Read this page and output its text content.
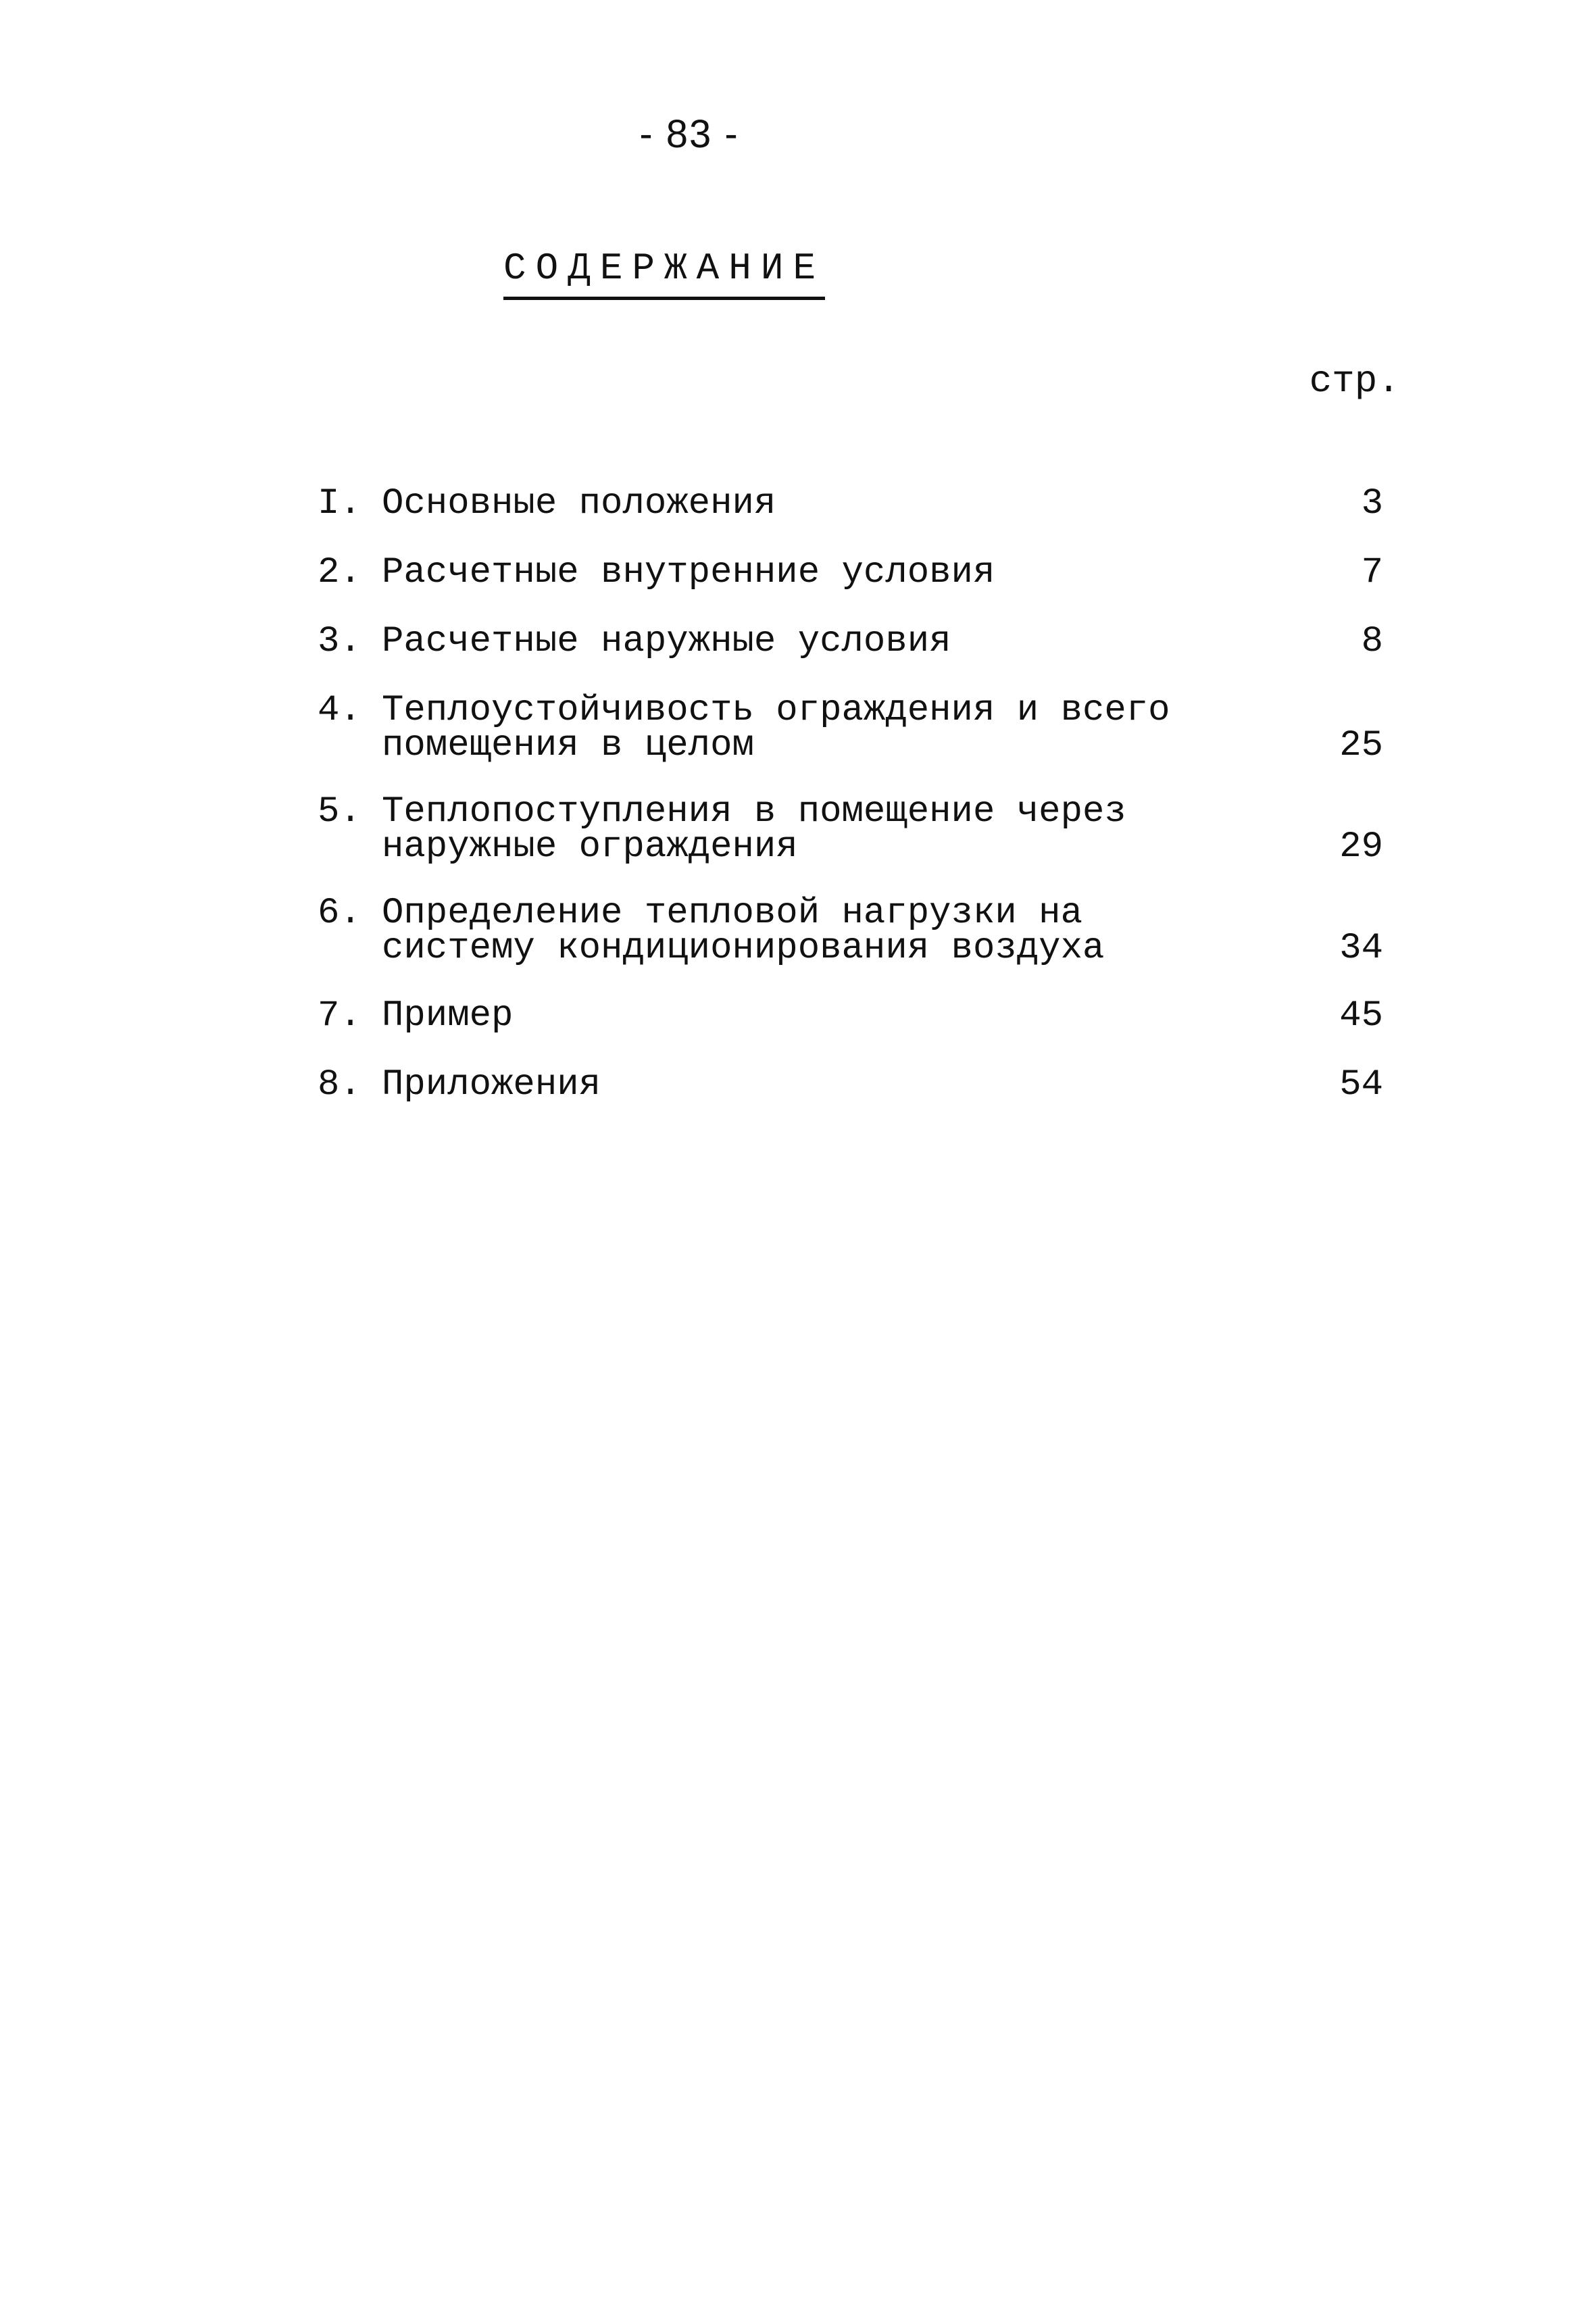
- 83 -
СОДЕРЖАНИЕ
стр.
I. Основные положения	3
2. Расчетные внутренние условия	7
3. Расчетные наружные условия	8
4. Теплоустойчивость ограждения и всего
помещения в целом	25
5. Теплопоступления в помещение через
наружные ограждения	29
6. Определение тепловой нагрузки на
систему кондиционирования воздуха	34
7. Пример	45
8. Приложения	54
